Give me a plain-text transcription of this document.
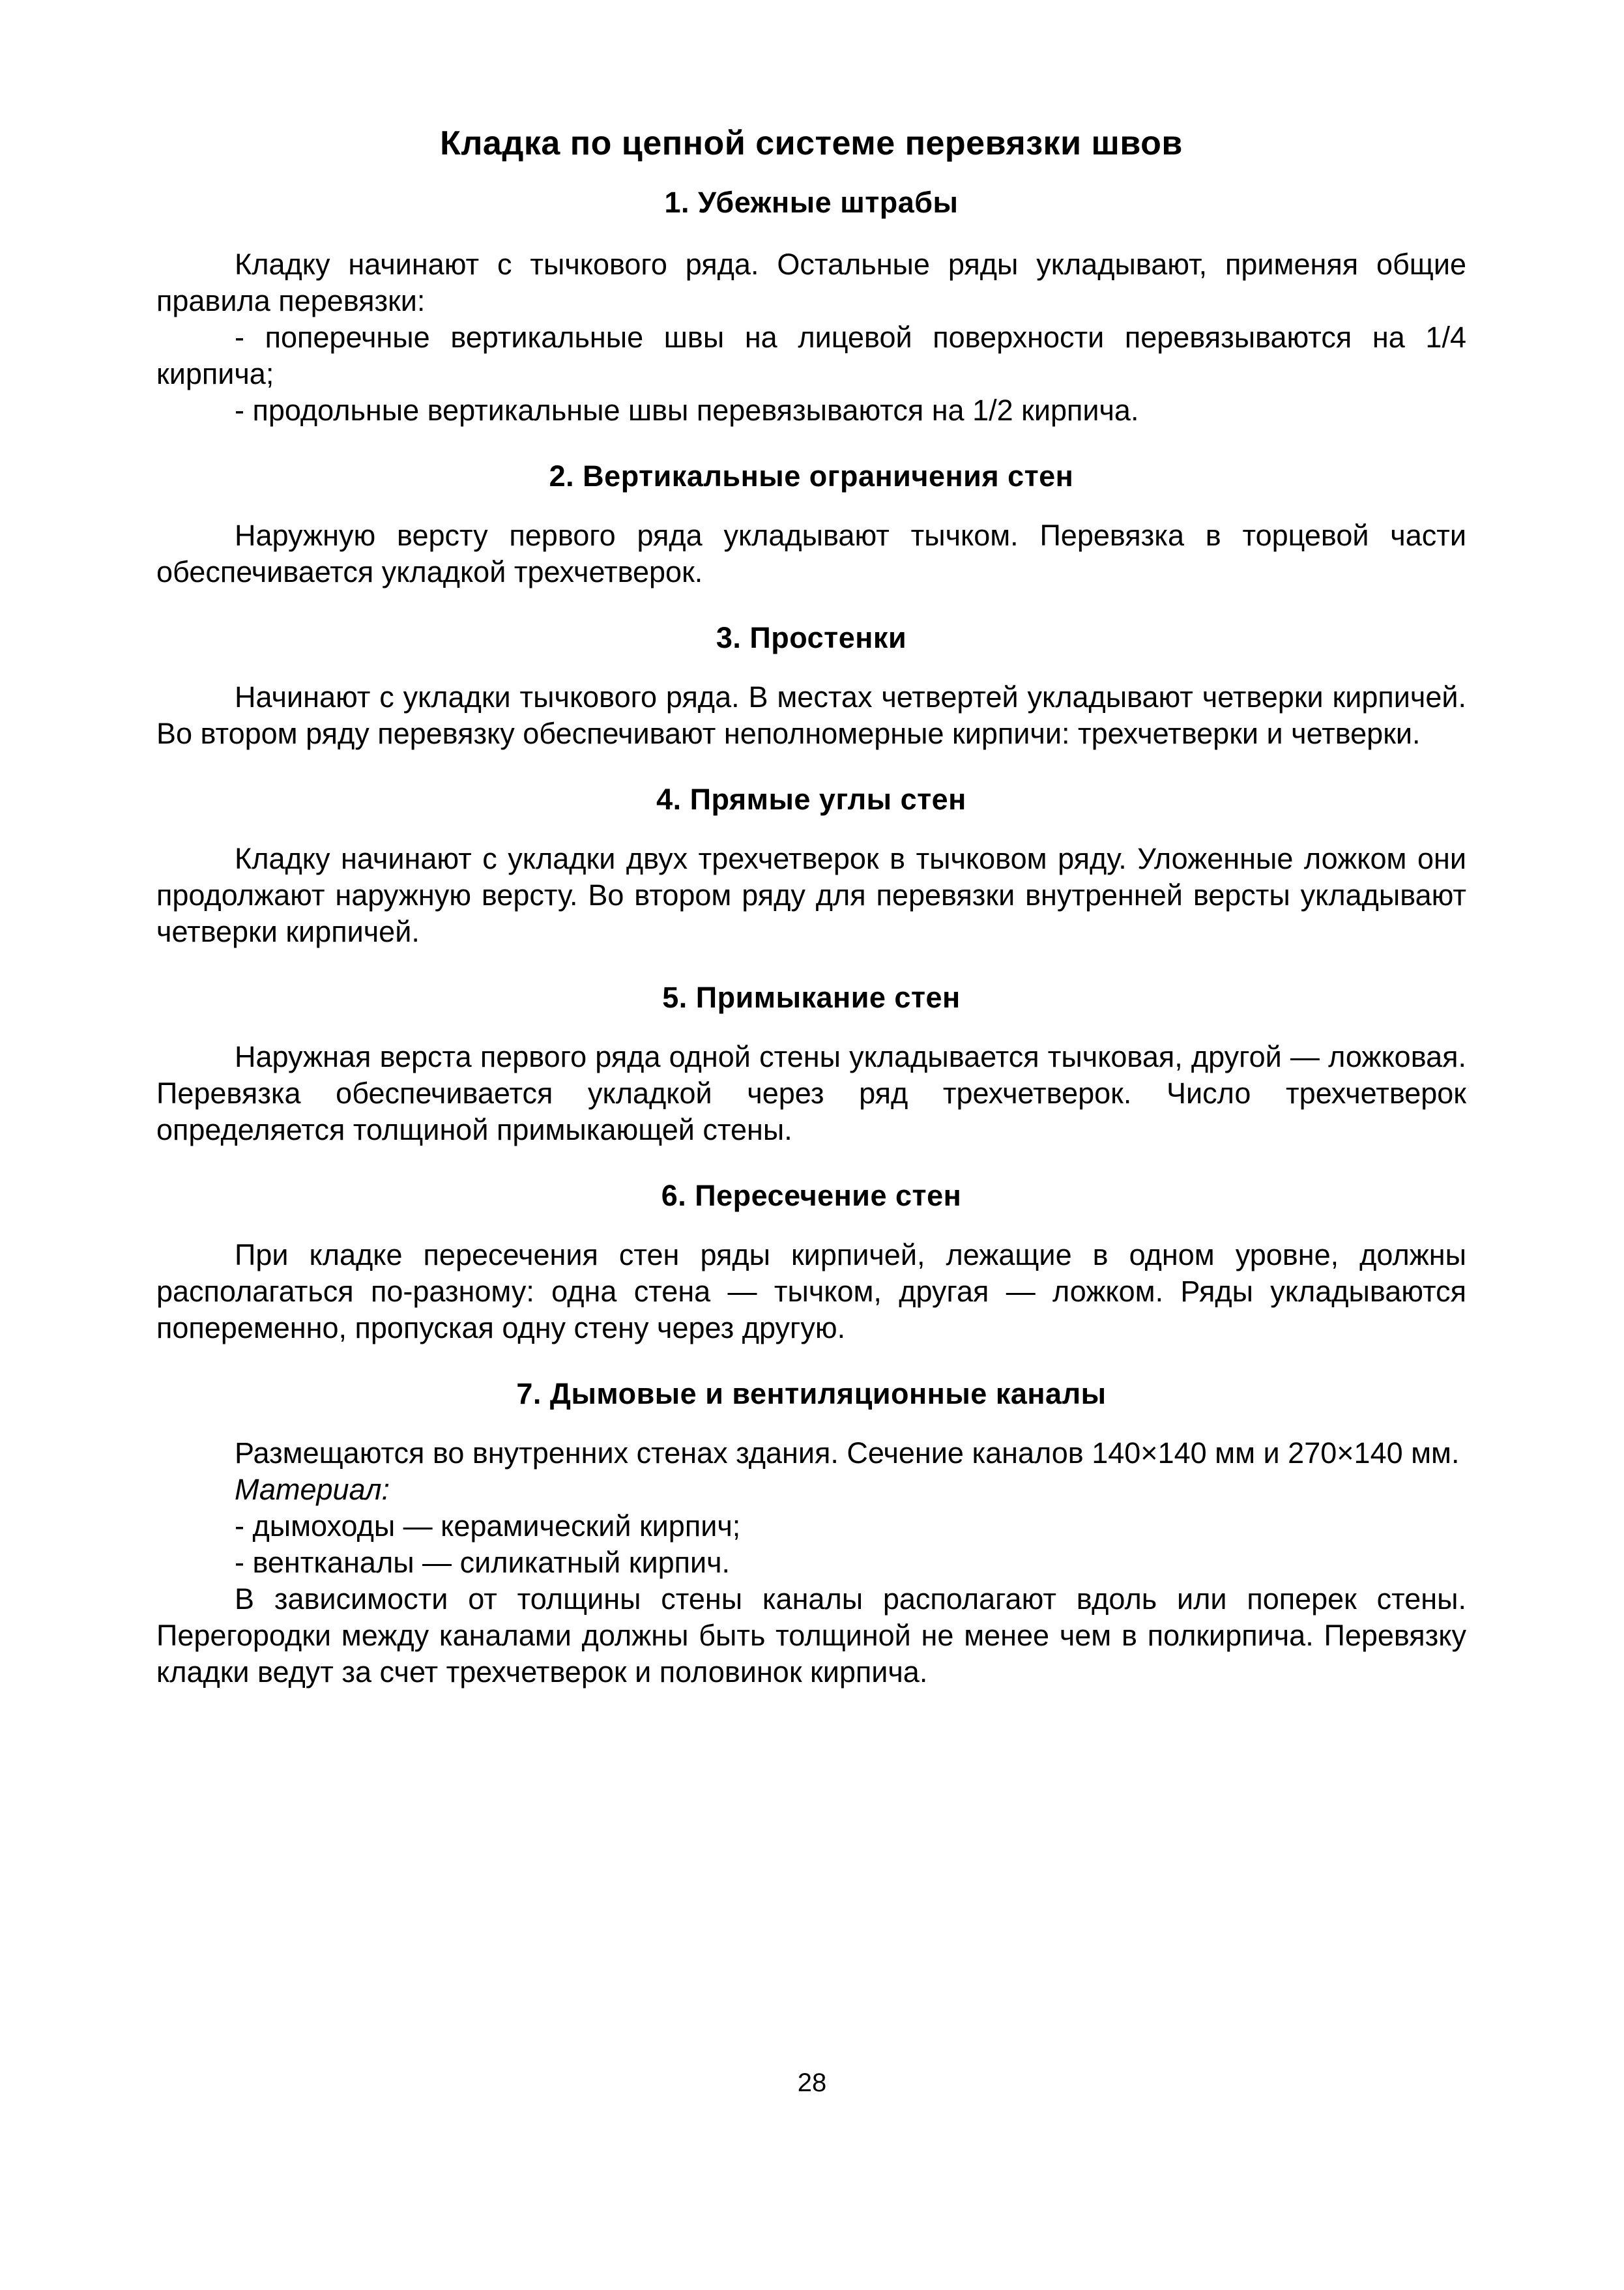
Кладка по цепной системе перевязки швов
1. Убежные штрабы

Кладку начинают с тычкового ряда. Остальные ряды укладывают, применяя общие правила перевязки:

- поперечные вертикальные швы на лицевой поверхности перевязываются на 1/4 кирпича;

- продольные вертикальные швы перевязываются на 1/2 кирпича.

2. Вертикальные ограничения стен

Наружную версту первого ряда укладывают тычком. Перевязка в торцевой части обеспечивается укладкой трехчетверок.

3. Простенки

Начинают с укладки тычкового ряда. В местах четвертей укладывают четверки кирпичей. Во втором ряду перевязку обеспечивают неполномерные кирпичи: трехчетверки и четверки.

4. Прямые углы стен

Кладку начинают с укладки двух трехчетверок в тычковом ряду. Уложенные ложком они продолжают наружную версту. Во втором ряду для перевязки внутренней версты укладывают четверки кирпичей.

5. Примыкание стен

Наружная верста первого ряда одной стены укладывается тычковая, другой — ложковая. Перевязка обеспечивается укладкой через ряд трехчетверок. Число трехчетверок определяется толщиной примыкающей стены.

6. Пересечение стен

При кладке пересечения стен ряды кирпичей, лежащие в одном уровне, должны располагаться по-разному: одна стена — тычком, другая — ложком. Ряды укладываются попеременно, пропуская одну стену через другую.

7. Дымовые и вентиляционные каналы

Размещаются во внутренних стенах здания. Сечение каналов 140×140 мм и 270×140 мм.

Материал:

- дымоходы — керамический кирпич;

- вентканалы — силикатный кирпич.

В зависимости от толщины стены каналы располагают вдоль или поперек стены. Перегородки между каналами должны быть толщиной не менее чем в полкирпича. Перевязку кладки ведут за счет трехчетверок и половинок кирпича.

28
